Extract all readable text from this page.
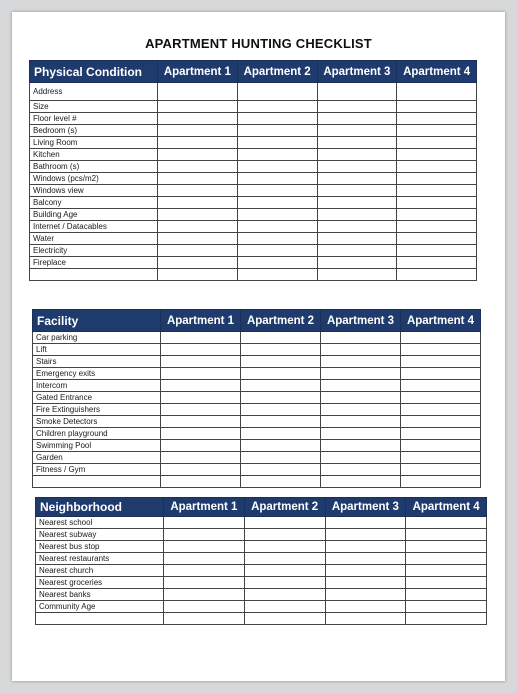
APARTMENT HUNTING CHECKLIST
Physical Condition	Apartment 1	Apartment 2	Apartment 3	Apartment 4
Address				
Size				
Floor level #				
Bedroom (s)				
Living Room				
Kitchen				
Bathroom (s)				
Windows (pcs/m2)				
Windows view				
Balcony				
Building Age				
Internet / Datacables				
Water				
Electricity				
Fireplace				

Facility	Apartment 1	Apartment 2	Apartment 3	Apartment 4
Car parking				
Lift				
Stairs				
Emergency exits				
Intercom				
Gated Entrance				
Fire Extinguishers				
Smoke Detectors				
Children playground				
Swimming Pool				
Garden				
Fitness / Gym				

Neighborhood	Apartment 1	Apartment 2	Apartment 3	Apartment 4
Nearest school				
Nearest subway				
Nearest bus stop				
Nearest restaurants				
Nearest church				
Nearest groceries				
Nearest banks				
Community Age				
